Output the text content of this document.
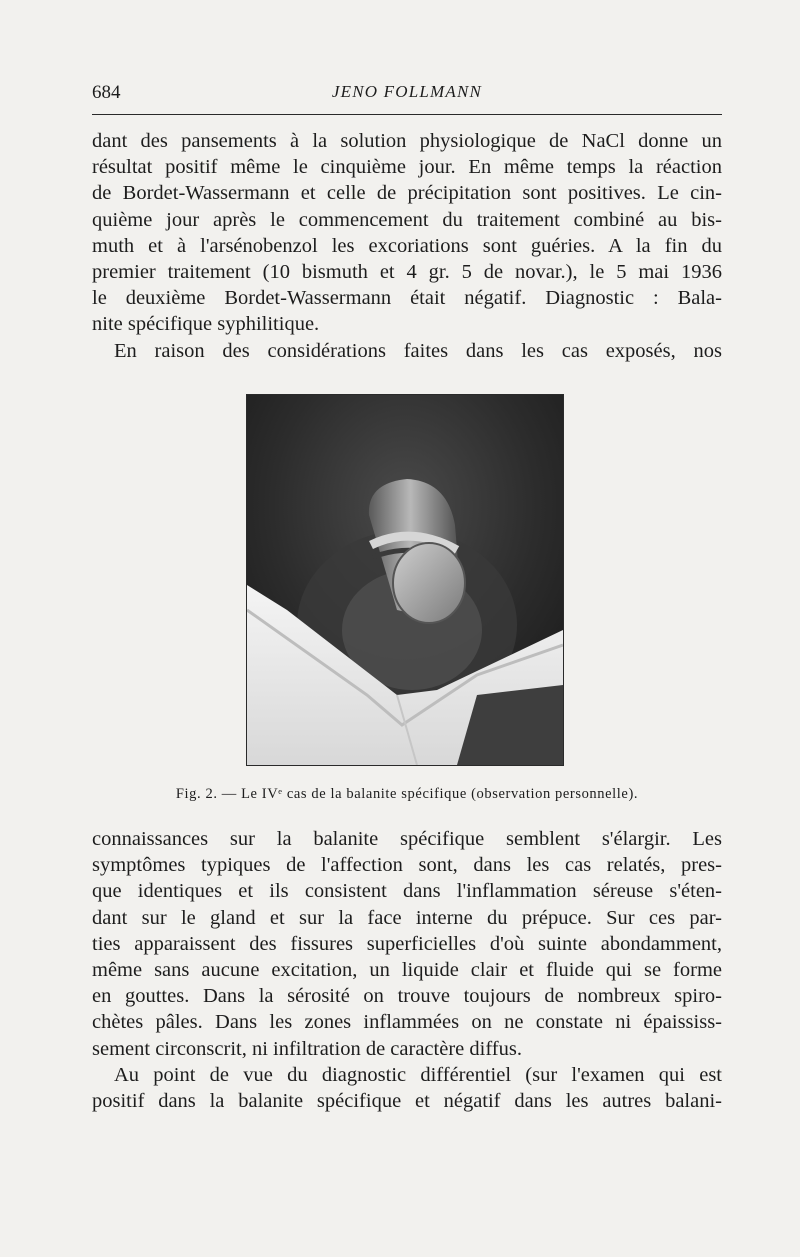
684	JENO FOLLMANN

dant des pansements à la solution physiologique de NaCl donne un
résultat positif même le cinquième jour. En même temps la réaction
de Bordet-Wassermann et celle de précipitation sont positives. Le cin-
quième jour après le commencement du traitement combiné au bis-
muth et à l'arsénobenzol les excoriations sont guéries. A la fin du
premier traitement (10 bismuth et 4 gr. 5 de novar.), le 5 mai 1936
le deuxième Bordet-Wassermann était négatif. Diagnostic : Bala-
nite spécifique syphilitique.

En raison des considérations faites dans les cas exposés, nos

Fig. 2. — Le IVᵉ cas de la balanite spécifique (observation personnelle).

connaissances sur la balanite spécifique semblent s'élargir. Les
symptômes typiques de l'affection sont, dans les cas relatés, pres-
que identiques et ils consistent dans l'inflammation séreuse s'éten-
dant sur le gland et sur la face interne du prépuce. Sur ces par-
ties apparaissent des fissures superficielles d'où suinte abondamment,
même sans aucune excitation, un liquide clair et fluide qui se forme
en gouttes. Dans la sérosité on trouve toujours de nombreux spiro-
chètes pâles. Dans les zones inflammées on ne constate ni épaississ-
sement circonscrit, ni infiltration de caractère diffus.

Au point de vue du diagnostic différentiel (sur l'examen qui est
positif dans la balanite spécifique et négatif dans les autres balani-
